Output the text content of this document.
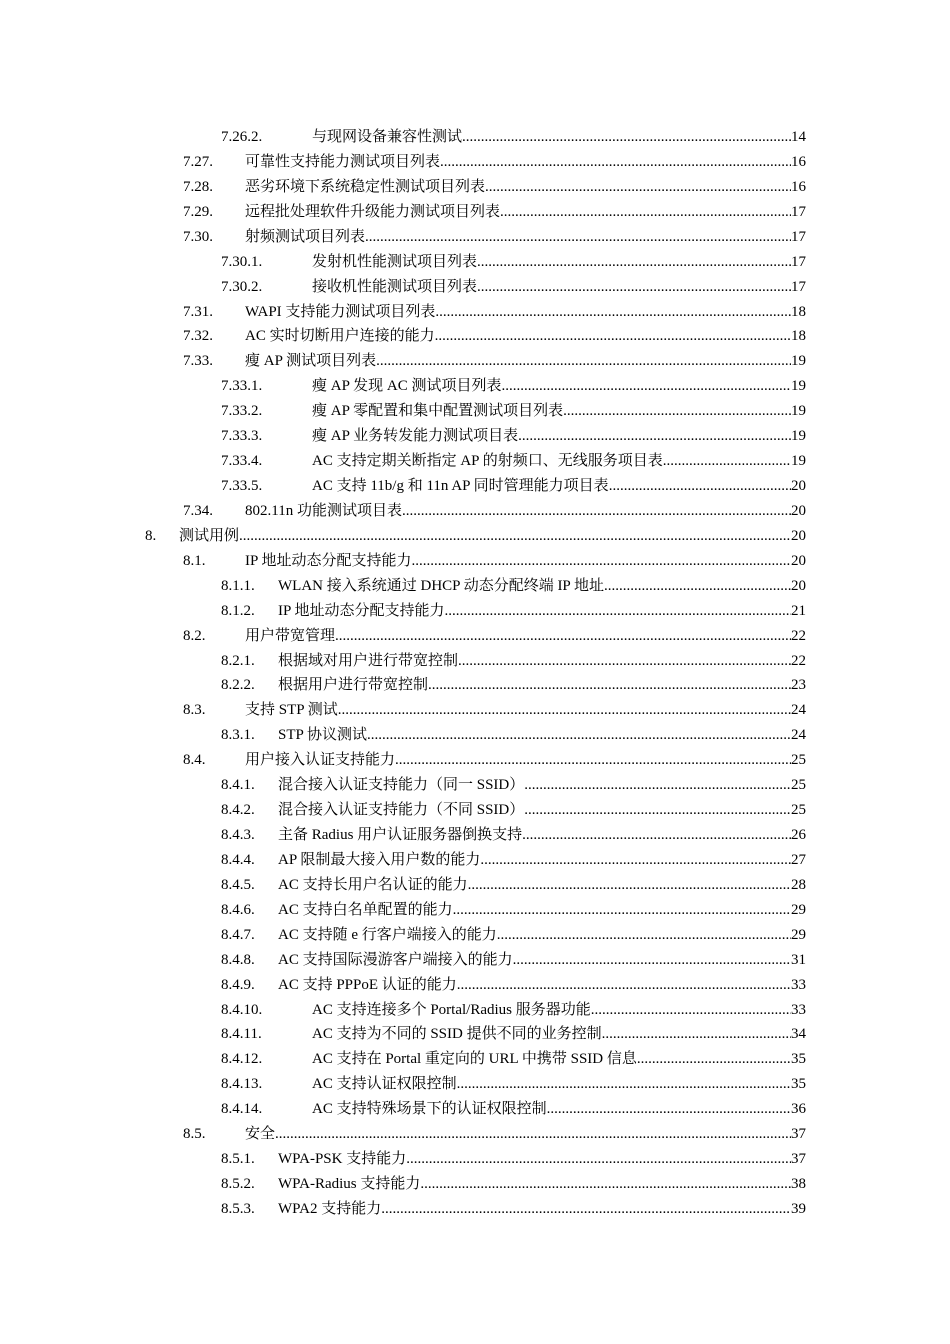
7.26.2.	与现网设备兼容性测试 .....	14
7.27.	可靠性支持能力测试项目列表 .....	16
7.28.	恶劣环境下系统稳定性测试项目列表 .....	16
7.29.	远程批处理软件升级能力测试项目列表 .....	17
7.30.	射频测试项目列表 .....	17
7.30.1.	发射机性能测试项目列表 .....	17
7.30.2.	接收机性能测试项目列表 .....	17
7.31.	WAPI 支持能力测试项目列表 .....	18
7.32.	AC 实时切断用户连接的能力 .....	18
7.33.	瘦 AP 测试项目列表 .....	19
7.33.1.	瘦 AP 发现 AC 测试项目列表 .....	19
7.33.2.	瘦 AP 零配置和集中配置测试项目列表 .....	19
7.33.3.	瘦 AP 业务转发能力测试项目表 .....	19
7.33.4.	AC 支持定期关断指定 AP 的射频口、无线服务项目表 .....	19
7.33.5.	AC 支持 11b/g 和 11n AP 同时管理能力项目表 .....	20
7.34.	802.11n 功能测试项目表 .....	20
8.	测试用例 .....	20
8.1.	IP 地址动态分配支持能力 .....	20
8.1.1.	WLAN 接入系统通过 DHCP 动态分配终端 IP 地址 .....	20
8.1.2.	IP 地址动态分配支持能力 .....	21
8.2.	用户带宽管理 .....	22
8.2.1.	根据域对用户进行带宽控制 .....	22
8.2.2.	根据用户进行带宽控制 .....	23
8.3.	支持 STP 测试 .....	24
8.3.1.	STP 协议测试 .....	24
8.4.	用户接入认证支持能力 .....	25
8.4.1.	混合接入认证支持能力（同一 SSID） .....	25
8.4.2.	混合接入认证支持能力（不同 SSID） .....	25
8.4.3.	主备 Radius 用户认证服务器倒换支持 .....	26
8.4.4.	AP 限制最大接入用户数的能力 .....	27
8.4.5.	AC 支持长用户名认证的能力 .....	28
8.4.6.	AC 支持白名单配置的能力 .....	29
8.4.7.	AC 支持随 e 行客户端接入的能力 .....	29
8.4.8.	AC 支持国际漫游客户端接入的能力 .....	31
8.4.9.	AC 支持 PPPoE 认证的能力 .....	33
8.4.10.	AC 支持连接多个 Portal/Radius 服务器功能 .....	33
8.4.11.	AC 支持为不同的 SSID 提供不同的业务控制 .....	34
8.4.12.	AC 支持在 Portal 重定向的 URL 中携带 SSID 信息 .....	35
8.4.13.	AC 支持认证权限控制 .....	35
8.4.14.	AC 支持特殊场景下的认证权限控制 .....	36
8.5.	安全 .....	37
8.5.1.	WPA-PSK 支持能力 .....	37
8.5.2.	WPA-Radius 支持能力 .....	38
8.5.3.	WPA2 支持能力 .....	39
